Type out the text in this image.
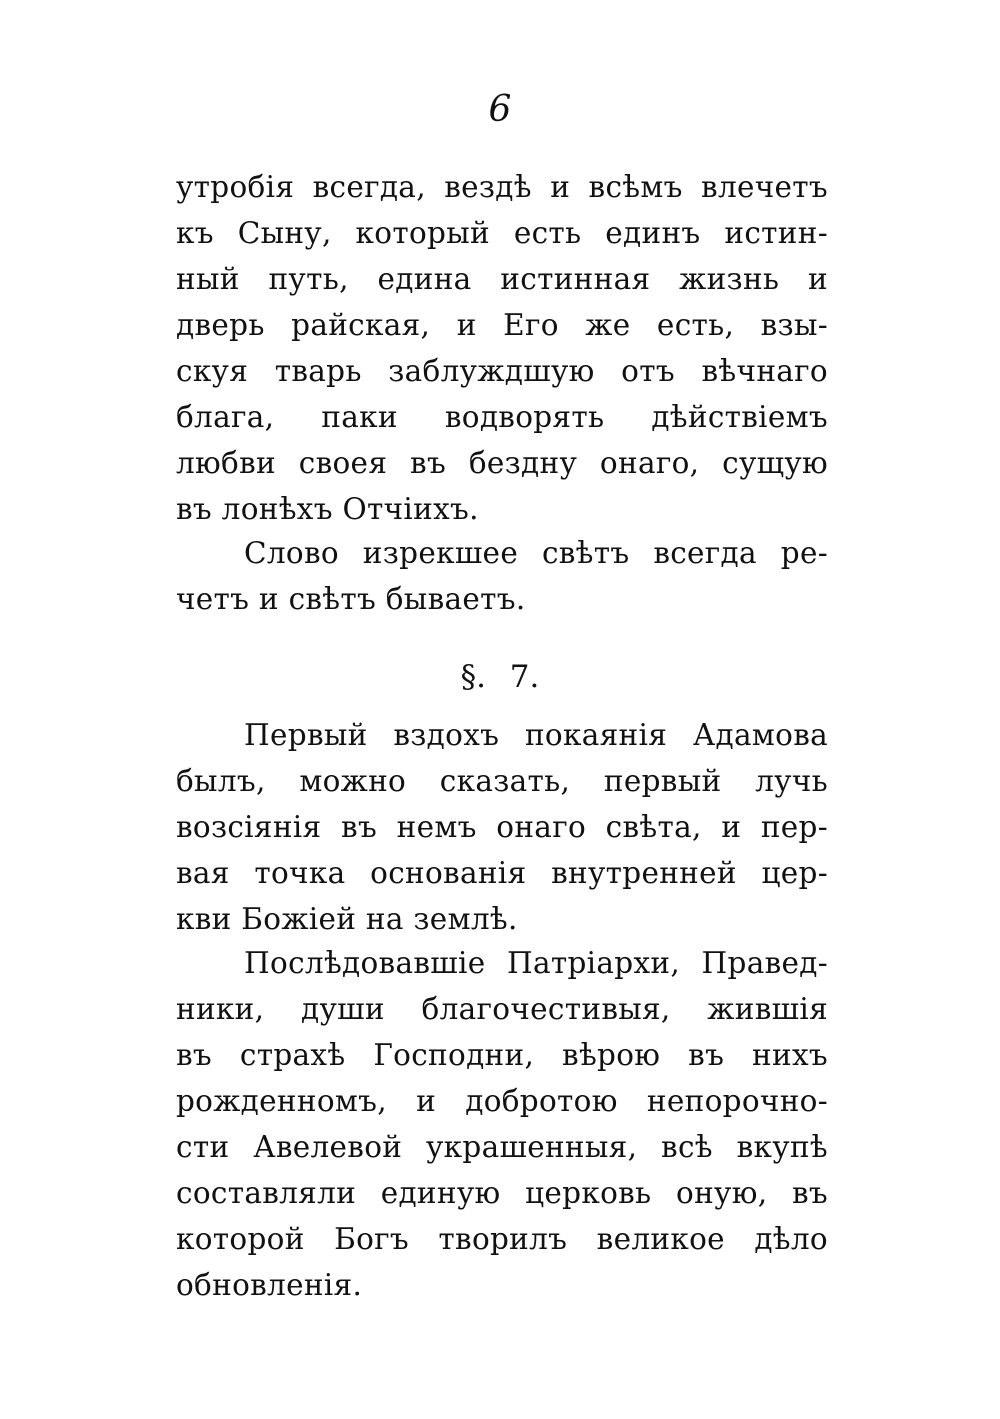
6
утробія всегда, вездѣ и всѣмъ влечетъ
къ Сыну, который есть единъ истин-
ный путь, едина истинная жизнь и
дверь райская, и Его же есть, взы-
скуя тварь заблуждшую отъ вѣчнаго
блага, паки водворять дѣйствіемъ
любви своея въ бездну онаго, сущую
въ лонѣхъ Отчіихъ.
Слово изрекшее свѣтъ всегда ре-
четъ и свѣтъ бываетъ.
§. 7.
Первый вздохъ покаянія Адамова
былъ, можно сказать, первый лучь
возсіянія въ немъ онаго свѣта, и пер-
вая точка основанія внутренней цер-
кви Божіей на землѣ.
Послѣдовавшіе Патріархи, Правед-
ники, души благочестивыя, жившія
въ страхѣ Господни, вѣрою въ нихъ
рожденномъ, и добротою непорочно-
сти Авелевой украшенныя, всѣ вкупѣ
составляли единую церковь оную, въ
которой Богъ творилъ великое дѣло
обновленія.
